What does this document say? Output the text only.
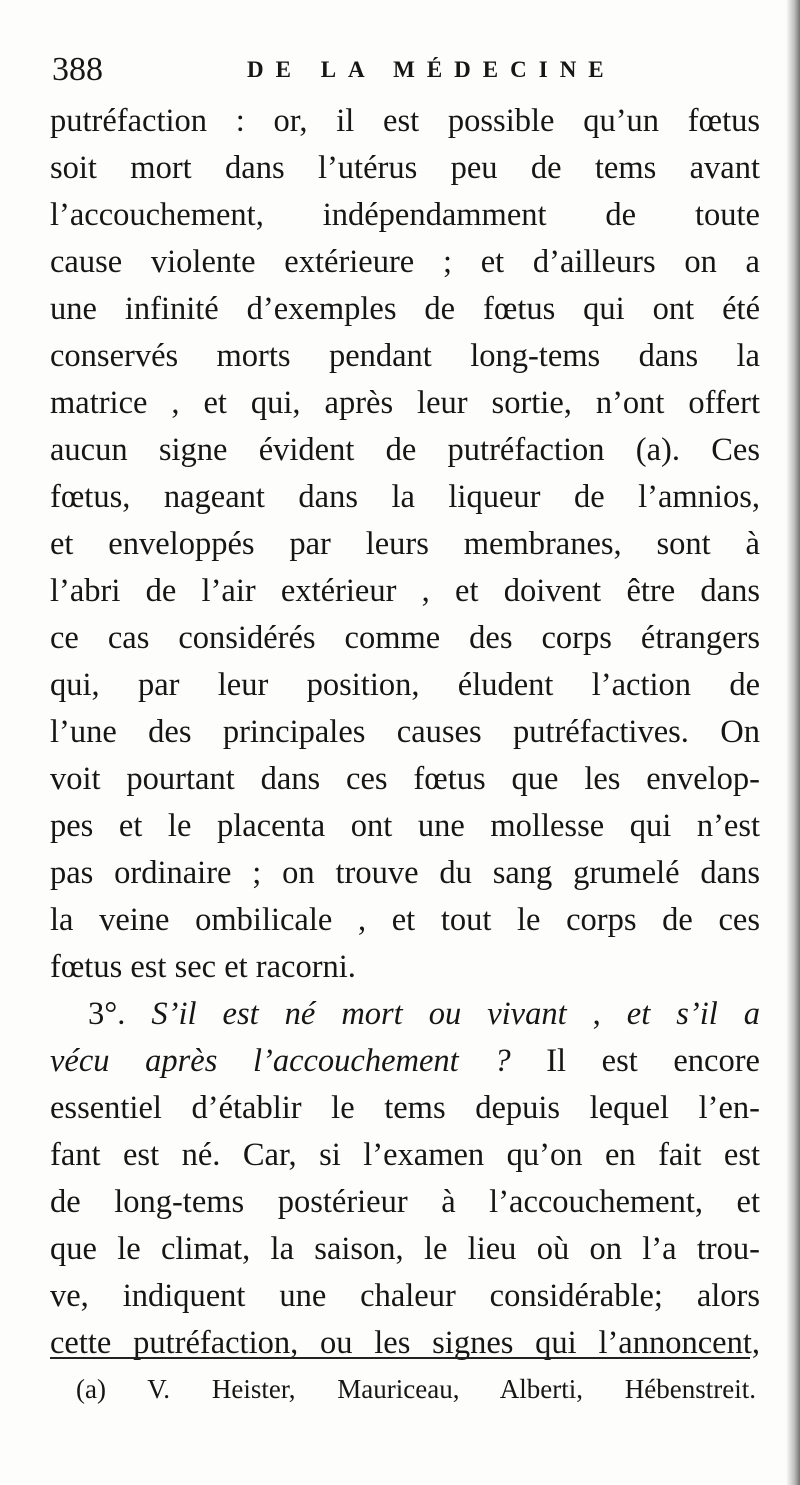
388	DE LA MÉDECINE
putréfaction : or, il est possible qu’un fœtus
soit mort dans l’utérus peu de tems avant
l’accouchement, indépendamment de toute
cause violente extérieure ; et d’ailleurs on a
une infinité d’exemples de fœtus qui ont été
conservés morts pendant long-tems dans la
matrice , et qui, après leur sortie, n’ont offert
aucun signe évident de putréfaction (a). Ces
fœtus, nageant dans la liqueur de l’amnios,
et enveloppés par leurs membranes, sont à
l’abri de l’air extérieur , et doivent être dans
ce cas considérés comme des corps étrangers
qui, par leur position, éludent l’action de
l’une des principales causes putréfactives. On
voit pourtant dans ces fœtus que les envelop-
pes et le placenta ont une mollesse qui n’est
pas ordinaire ; on trouve du sang grumelé dans
la veine ombilicale , et tout le corps de ces
fœtus est sec et racorni.
3°. S’il est né mort ou vivant , et s’il a
vécu après l’accouchement ? Il est encore
essentiel d’établir le tems depuis lequel l’en-
fant est né. Car, si l’examen qu’on en fait est
de long-tems postérieur à l’accouchement, et
que le climat, la saison, le lieu où on l’a trou-
ve, indiquent une chaleur considérable; alors
cette putréfaction, ou les signes qui l’annoncent,
(a) V. Heister, Mauriceau, Alberti, Hébenstreit.
